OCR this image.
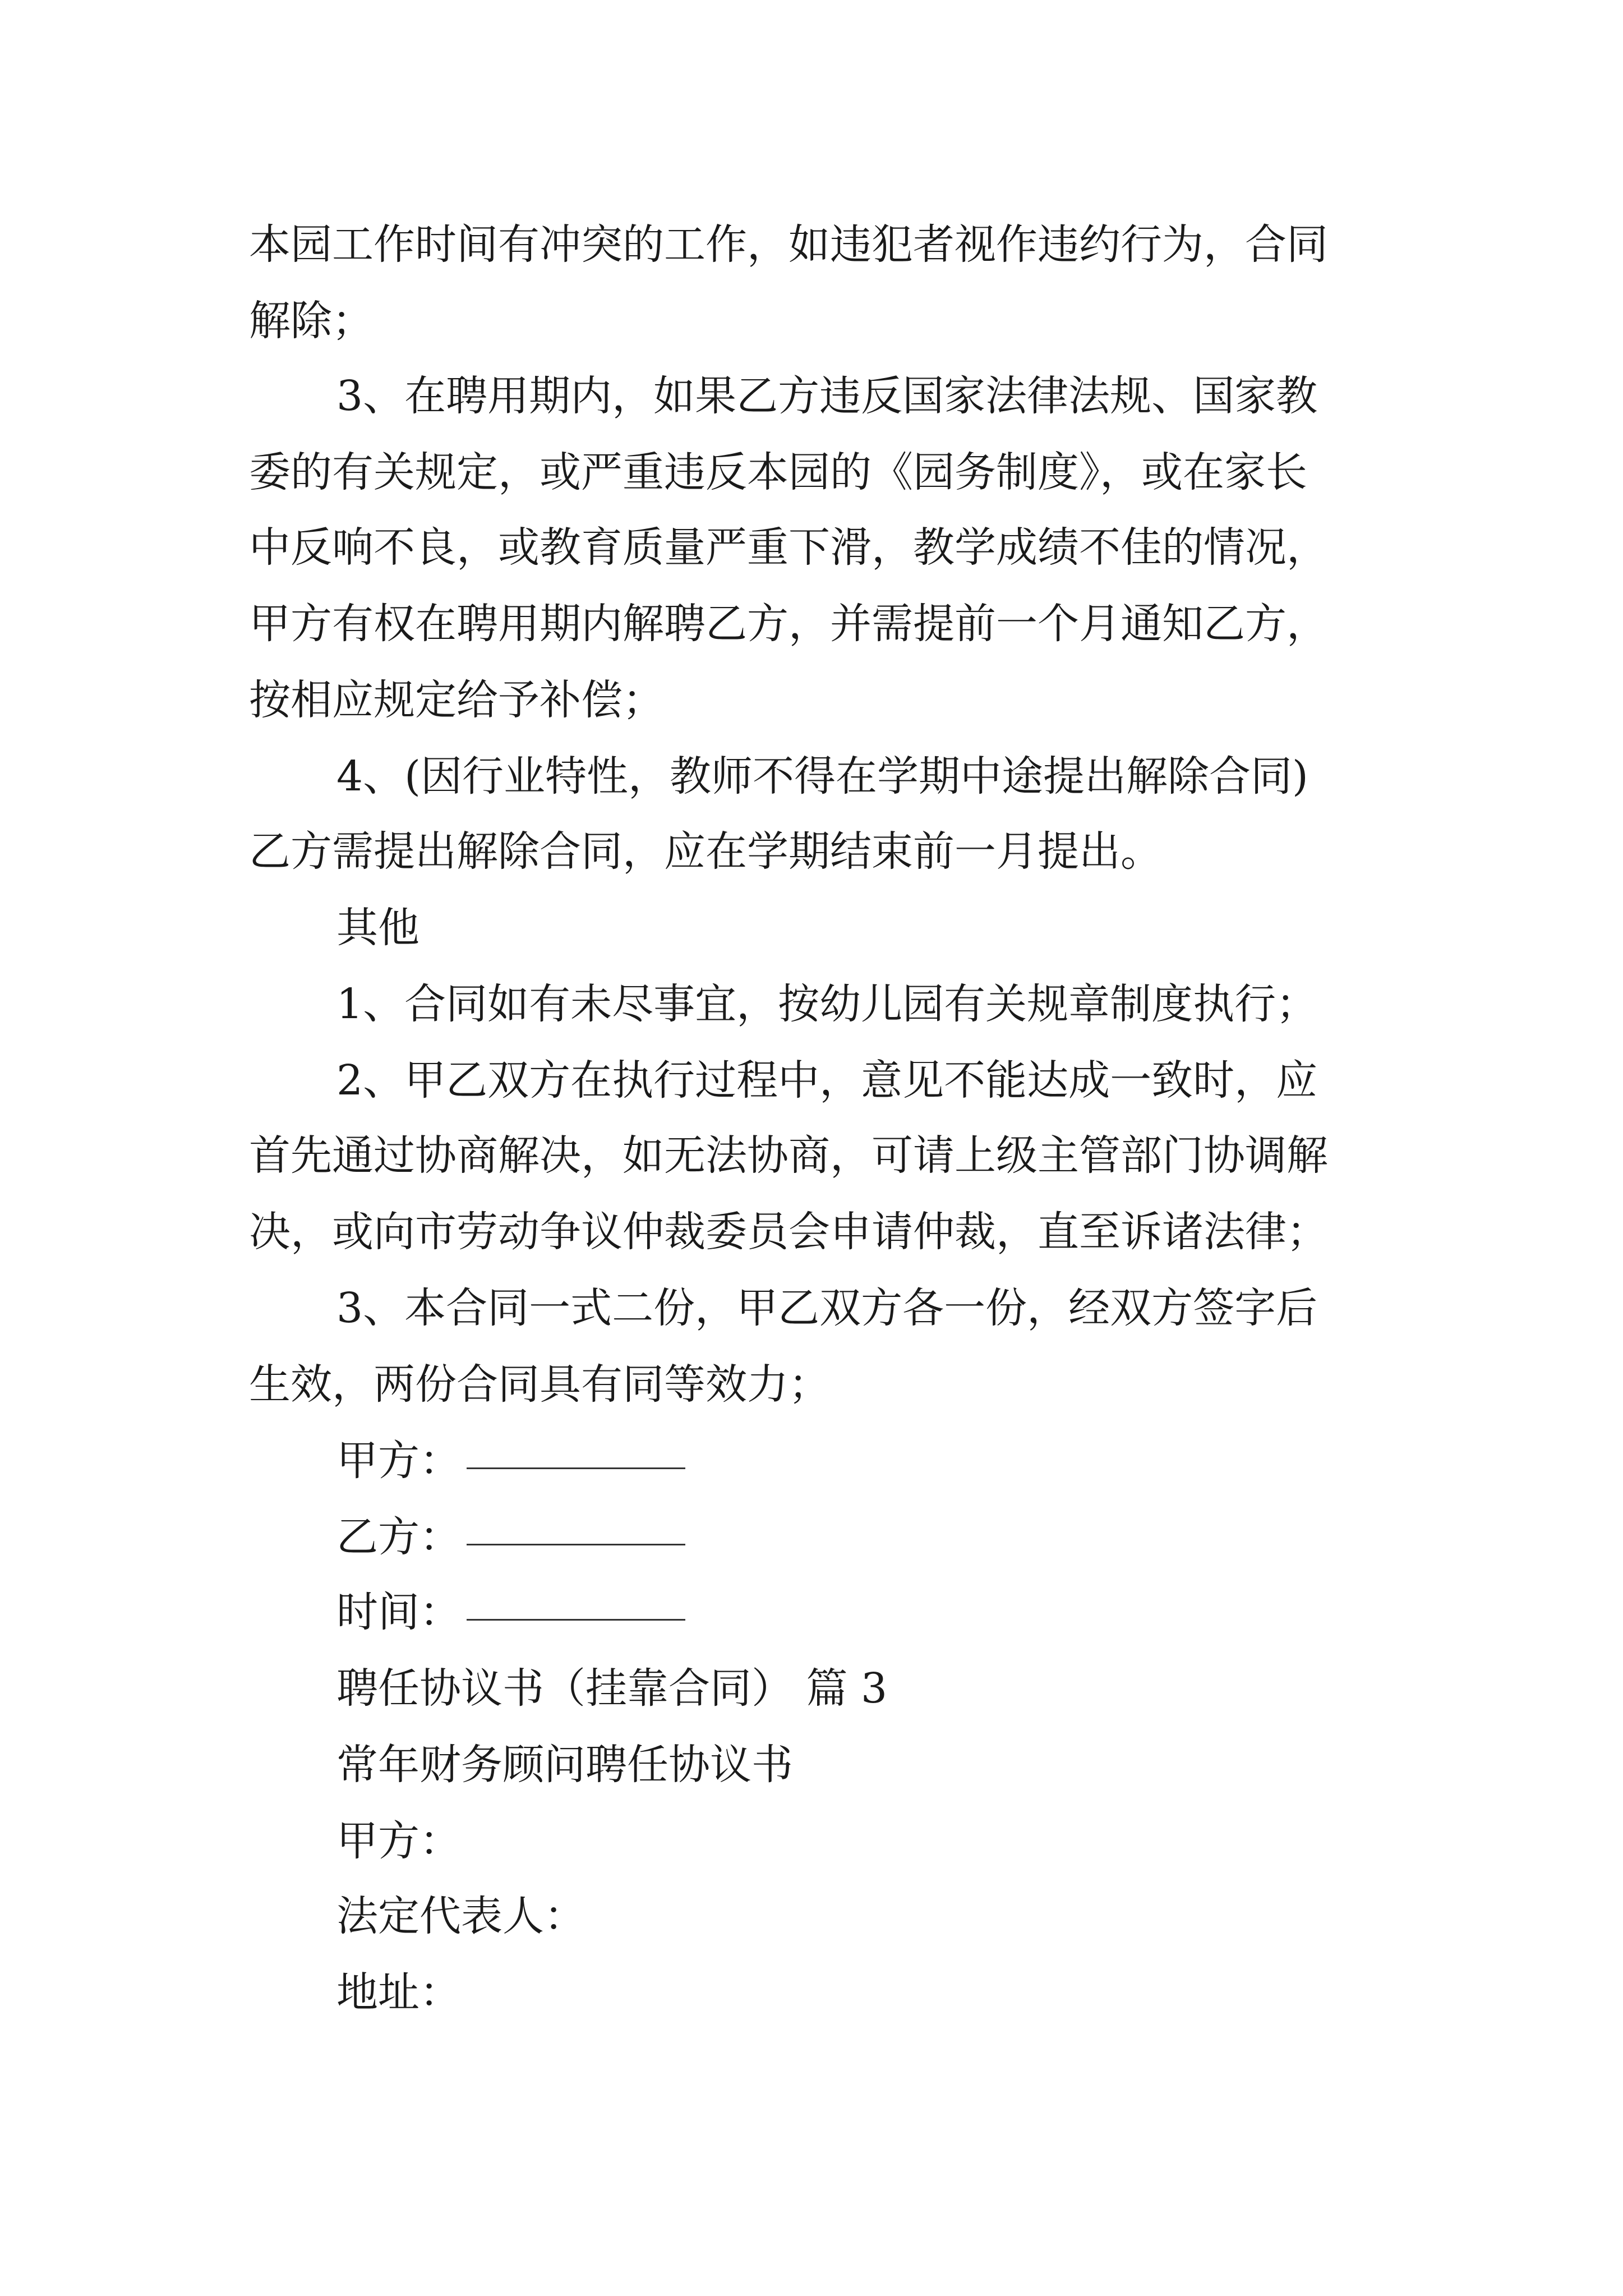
本园工作时间有冲突的工作，如违犯者视作违约行为，合同
解除；
3、在聘用期内，如果乙方违反国家法律法规、国家教
委的有关规定，或严重违反本园的《园务制度》，或在家长
中反响不良，或教育质量严重下滑，教学成绩不佳的情况，
甲方有权在聘用期内解聘乙方，并需提前一个月通知乙方，
按相应规定给予补偿；
4、(因行业特性，教师不得在学期中途提出解除合同)
乙方需提出解除合同，应在学期结束前一月提出。
其他
1、合同如有未尽事宜，按幼儿园有关规章制度执行；
2、甲乙双方在执行过程中，意见不能达成一致时，应
首先通过协商解决，如无法协商，可请上级主管部门协调解
决，或向市劳动争议仲裁委员会申请仲裁，直至诉诸法律；
3、本合同一式二份，甲乙双方各一份，经双方签字后
生效，两份合同具有同等效力；
甲方：
乙方：
时间：
聘任协议书（挂靠合同） 篇 3
常年财务顾问聘任协议书
甲方：
法定代表人：
地址：
